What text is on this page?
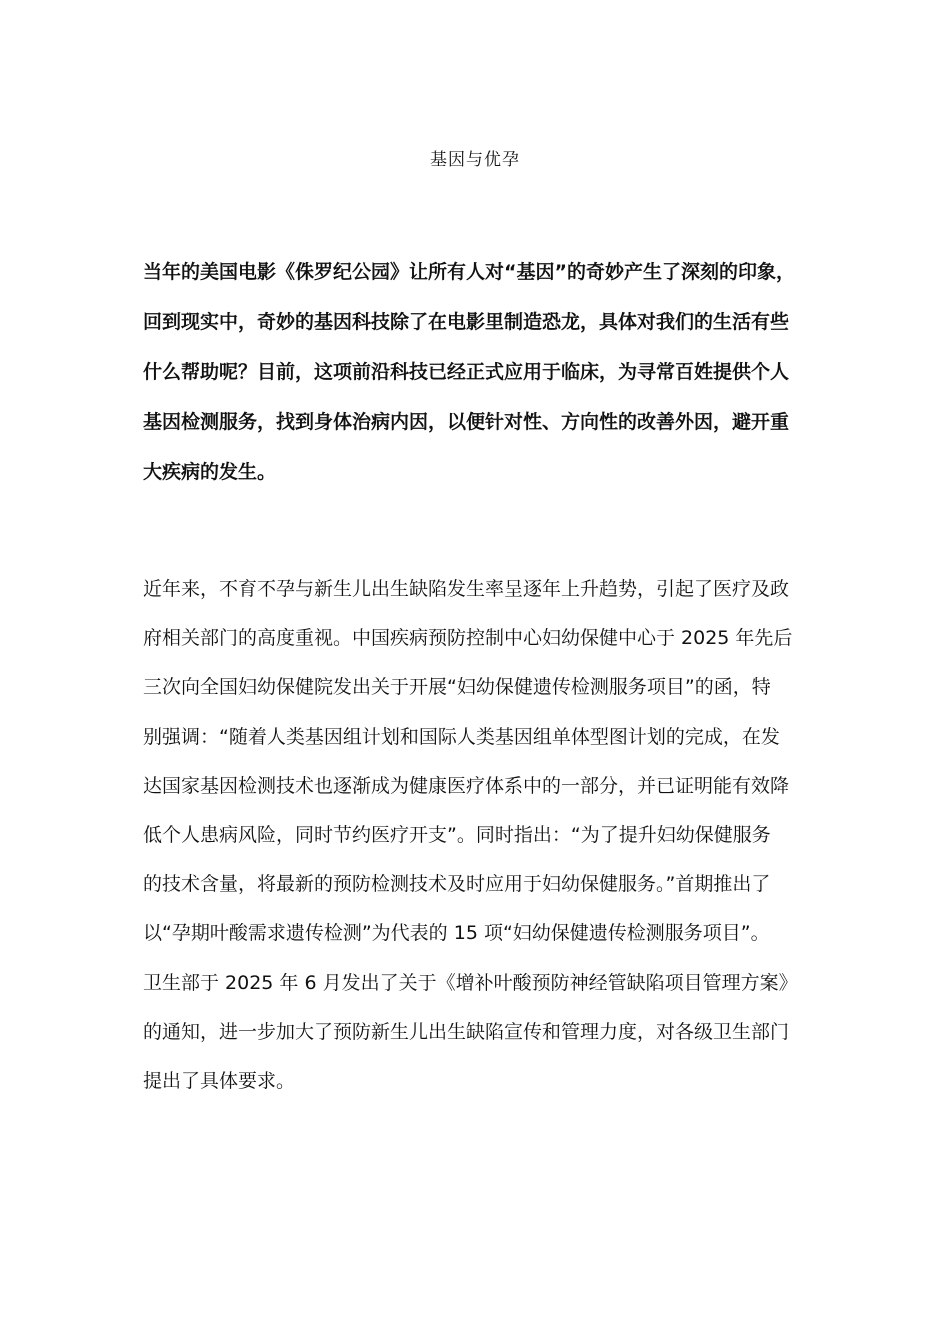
基因与优孕

当年的美国电影《侏罗纪公园》让所有人对“基因”的奇妙产生了深刻的印象，
回到现实中，奇妙的基因科技除了在电影里制造恐龙，具体对我们的生活有些
什么帮助呢？目前，这项前沿科技已经正式应用于临床，为寻常百姓提供个人
基因检测服务，找到身体治病内因，以便针对性、方向性的改善外因，避开重
大疾病的发生。

近年来，不育不孕与新生儿出生缺陷发生率呈逐年上升趋势，引起了医疗及政
府相关部门的高度重视。中国疾病预防控制中心妇幼保健中心于 2025 年先后
三次向全国妇幼保健院发出关于开展“妇幼保健遗传检测服务项目”的函，特
别强调：“随着人类基因组计划和国际人类基因组单体型图计划的完成，在发
达国家基因检测技术也逐渐成为健康医疗体系中的一部分，并已证明能有效降
低个人患病风险，同时节约医疗开支”。同时指出：“为了提升妇幼保健服务
的技术含量，将最新的预防检测技术及时应用于妇幼保健服务。”首期推出了
以“孕期叶酸需求遗传检测”为代表的 15 项“妇幼保健遗传检测服务项目”。
卫生部于 2025 年 6 月发出了关于《增补叶酸预防神经管缺陷项目管理方案》
的通知，进一步加大了预防新生儿出生缺陷宣传和管理力度，对各级卫生部门
提出了具体要求。
